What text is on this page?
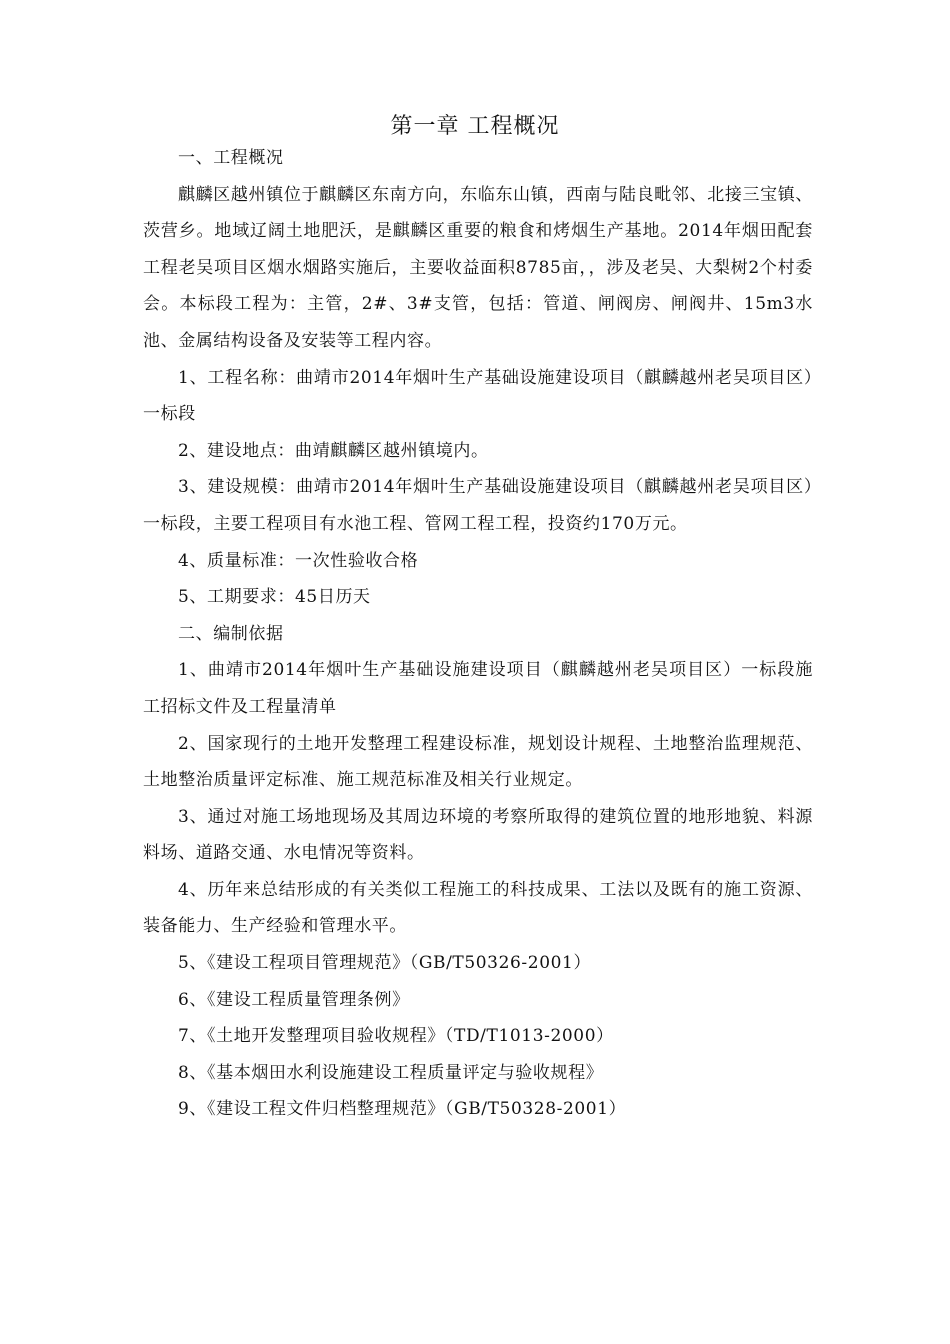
第一章 工程概况

一、工程概况

麒麟区越州镇位于麒麟区东南方向，东临东山镇，西南与陆良毗邻、北接三宝镇、茨营乡。地域辽阔土地肥沃，是麒麟区重要的粮食和烤烟生产基地。2014年烟田配套工程老吴项目区烟水烟路实施后，主要收益面积8785亩，，涉及老吴、大梨树2个村委会。本标段工程为：主管，2#、3#支管，包括：管道、闸阀房、闸阀井、15m3水池、金属结构设备及安装等工程内容。

1、工程名称：曲靖市2014年烟叶生产基础设施建设项目（麒麟越州老吴项目区）一标段

2、建设地点：曲靖麒麟区越州镇境内。

3、建设规模：曲靖市2014年烟叶生产基础设施建设项目（麒麟越州老吴项目区）一标段，主要工程项目有水池工程、管网工程工程，投资约170万元。

4、质量标准：一次性验收合格

5、工期要求：45日历天

二、编制依据

1、曲靖市2014年烟叶生产基础设施建设项目（麒麟越州老吴项目区）一标段施工招标文件及工程量清单

2、国家现行的土地开发整理工程建设标准，规划设计规程、土地整治监理规范、土地整治质量评定标准、施工规范标准及相关行业规定。

3、通过对施工场地现场及其周边环境的考察所取得的建筑位置的地形地貌、料源料场、道路交通、水电情况等资料。

4、历年来总结形成的有关类似工程施工的科技成果、工法以及既有的施工资源、装备能力、生产经验和管理水平。

5、《建设工程项目管理规范》（GB/T50326-2001）

6、《建设工程质量管理条例》

7、《土地开发整理项目验收规程》（TD/T1013-2000）

8、《基本烟田水利设施建设工程质量评定与验收规程》

9、《建设工程文件归档整理规范》（GB/T50328-2001）
